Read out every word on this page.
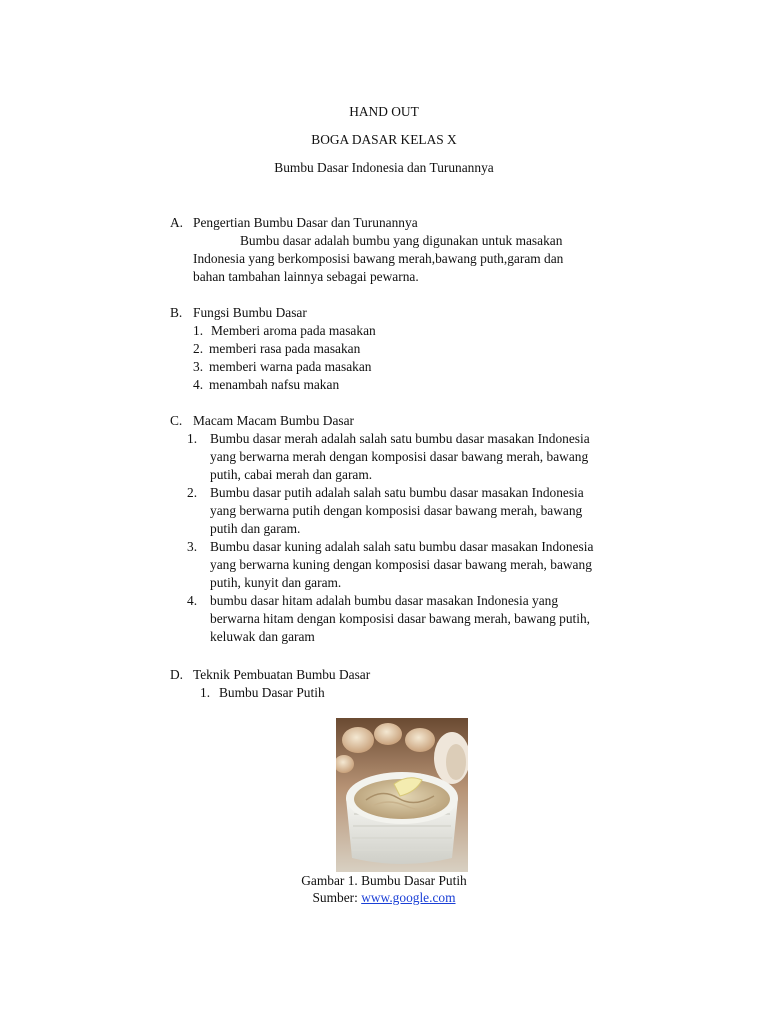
HAND OUT
BOGA DASAR KELAS X
Bumbu Dasar Indonesia dan Turunannya
A. Pengertian Bumbu Dasar dan Turunannya
Bumbu dasar adalah bumbu yang digunakan untuk masakan
Indonesia yang berkomposisi bawang merah,bawang puth,garam dan
bahan tambahan lainnya sebagai pewarna.
B. Fungsi Bumbu Dasar
1. Memberi aroma pada masakan
2. memberi rasa pada masakan
3. memberi warna pada masakan
4. menambah nafsu makan
C. Macam Macam Bumbu Dasar
1. Bumbu dasar merah adalah salah satu bumbu dasar masakan Indonesia
yang berwarna merah dengan komposisi dasar bawang merah, bawang
putih, cabai merah dan garam.
2. Bumbu dasar putih adalah salah satu bumbu dasar masakan Indonesia
yang berwarna putih dengan komposisi dasar bawang merah, bawang
putih dan garam.
3. Bumbu dasar kuning adalah salah satu bumbu dasar masakan Indonesia
yang berwarna kuning dengan komposisi dasar bawang merah, bawang
putih, kunyit dan garam.
4. bumbu dasar hitam adalah bumbu dasar masakan Indonesia yang
berwarna hitam dengan komposisi dasar bawang merah, bawang putih,
keluwak dan garam
D. Teknik Pembuatan Bumbu Dasar
1. Bumbu Dasar Putih
Gambar 1. Bumbu Dasar Putih
Sumber: www.google.com
